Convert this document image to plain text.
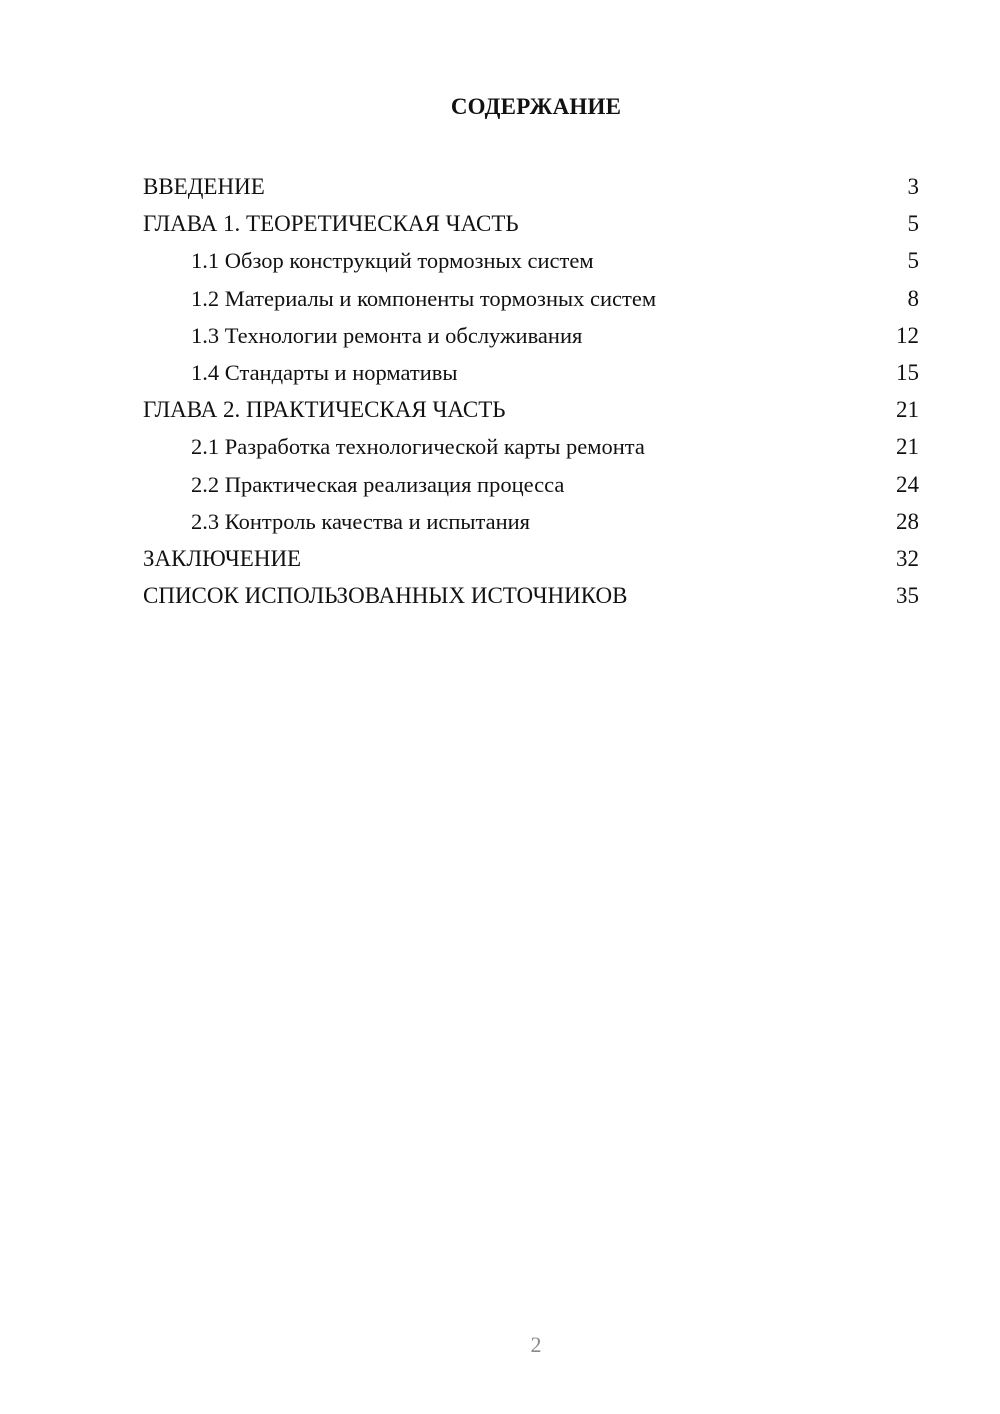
СОДЕРЖАНИЕ
ВВЕДЕНИЕ	3
ГЛАВА 1. ТЕОРЕТИЧЕСКАЯ ЧАСТЬ	5
1.1 Обзор конструкций тормозных систем	5
1.2 Материалы и компоненты тормозных систем	8
1.3 Технологии ремонта и обслуживания	12
1.4 Стандарты и нормативы	15
ГЛАВА 2. ПРАКТИЧЕСКАЯ ЧАСТЬ	21
2.1 Разработка технологической карты ремонта	21
2.2 Практическая реализация процесса	24
2.3 Контроль качества и испытания	28
ЗАКЛЮЧЕНИЕ	32
СПИСОК ИСПОЛЬЗОВАННЫХ ИСТОЧНИКОВ	35
2
